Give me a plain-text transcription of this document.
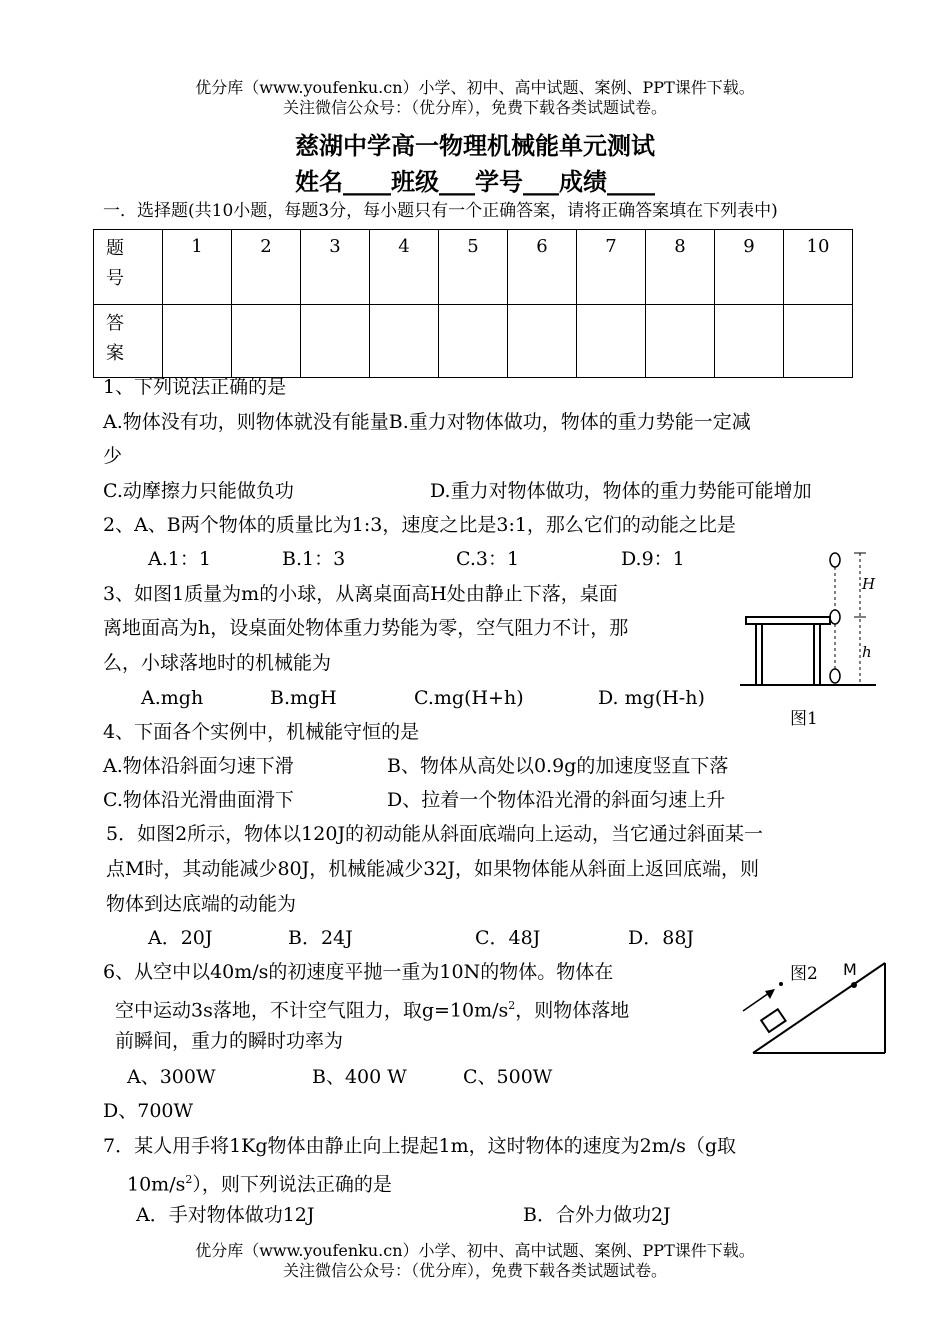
优分库（www.youfenku.cn）小学、初中、高中试题、案例、PPT课件下载。
关注微信公众号：（优分库），免费下载各类试题试卷。
慈湖中学高一物理机械能单元测试
姓名____班级___学号___成绩____
一．选择题(共10小题，每题3分，每小题只有一个正确答案，请将正确答案填在下列表中)
题
号	1	2	3	4	5	6	7	8	9	10

答
案										

1、下列说法正确的是
A.物体没有功，则物体就没有能量B.重力对物体做功，物体的重力势能一定减
少
C.动摩擦力只能做负功	D.重力对物体做功，物体的重力势能可能增加
2、A、B两个物体的质量比为1:3，速度之比是3:1，那么它们的动能之比是
A.1：1	B.1：3	C.3：1	D.9：1
3、如图1质量为m的小球，从离桌面高H处由静止下落，桌面
离地面高为h，设桌面处物体重力势能为零，空气阻力不计，那
么，小球落地时的机械能为
A.mgh	B.mgH	C.mg(H+h)	D. mg(H-h)
H
h
图1
4、下面各个实例中，机械能守恒的是
A.物体沿斜面匀速下滑	B、物体从高处以0.9g的加速度竖直下落
C.物体沿光滑曲面滑下	D、拉着一个物体沿光滑的斜面匀速上升
5．如图2所示，物体以120J的初动能从斜面底端向上运动，当它通过斜面某一
点M时，其动能减少80J，机械能减少32J，如果物体能从斜面上返回底端，则
物体到达底端的动能为
A．20J	B．24J	C．48J	D．88J
图2 M
6、从空中以40m/s的初速度平抛一重为10N的物体。物体在
空中运动3s落地，不计空气阻力，取$g=10m/s^2$，则物体落地
前瞬间，重力的瞬时功率为
A、300W	B、400 W	C、500W
D、700W
7．某人用手将1Kg物体由静止向上提起1m，这时物体的速度为2m/s（g取
$10m/s^2$），则下列说法正确的是
A．手对物体做功12J	B．合外力做功2J
优分库（www.youfenku.cn）小学、初中、高中试题、案例、PPT课件下载。
关注微信公众号：（优分库），免费下载各类试题试卷。
